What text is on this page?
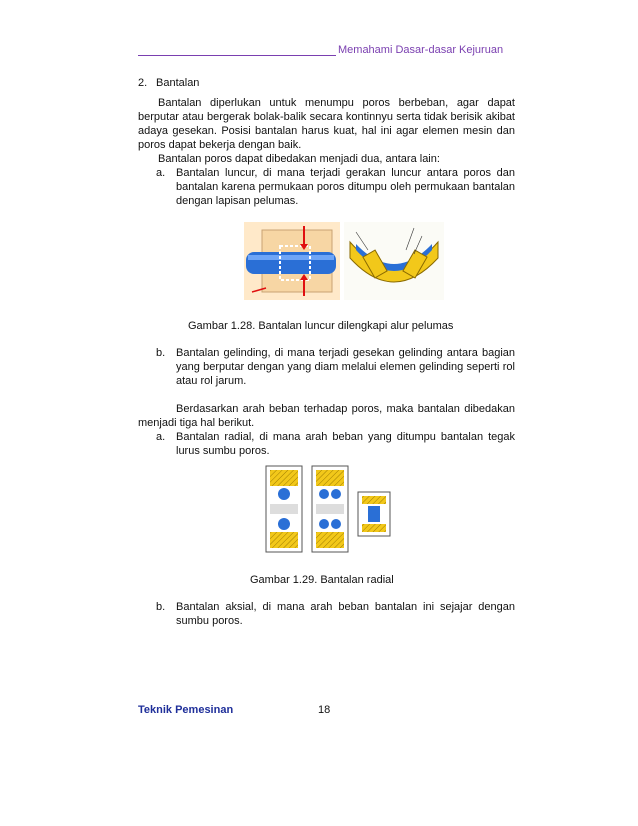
Memahami Dasar-dasar Kejuruan
2. Bantalan

Bantalan diperlukan untuk menumpu poros berbeban, agar dapat berputar atau bergerak bolak-balik secara kontinnyu serta tidak berisik akibat adaya gesekan. Posisi bantalan harus kuat, hal ini agar elemen mesin dan poros dapat bekerja dengan baik.

Bantalan poros dapat dibedakan menjadi dua, antara lain:

a. Bantalan luncur, di mana terjadi gerakan luncur antara poros dan bantalan karena permukaan poros ditumpu oleh permukaan bantalan dengan lapisan pelumas.
Gambar 1.28. Bantalan luncur dilengkapi alur pelumas
b. Bantalan gelinding, di mana terjadi gesekan gelinding antara bagian yang berputar dengan yang diam melalui elemen gelinding seperti rol atau rol jarum.

Berdasarkan arah beban terhadap poros, maka bantalan dibedakan menjadi tiga hal berikut.

a. Bantalan radial, di mana arah beban yang ditumpu bantalan tegak lurus sumbu poros.
Gambar 1.29. Bantalan radial
b. Bantalan aksial, di mana arah beban bantalan ini sejajar dengan sumbu poros.
Teknik Pemesinan	18
